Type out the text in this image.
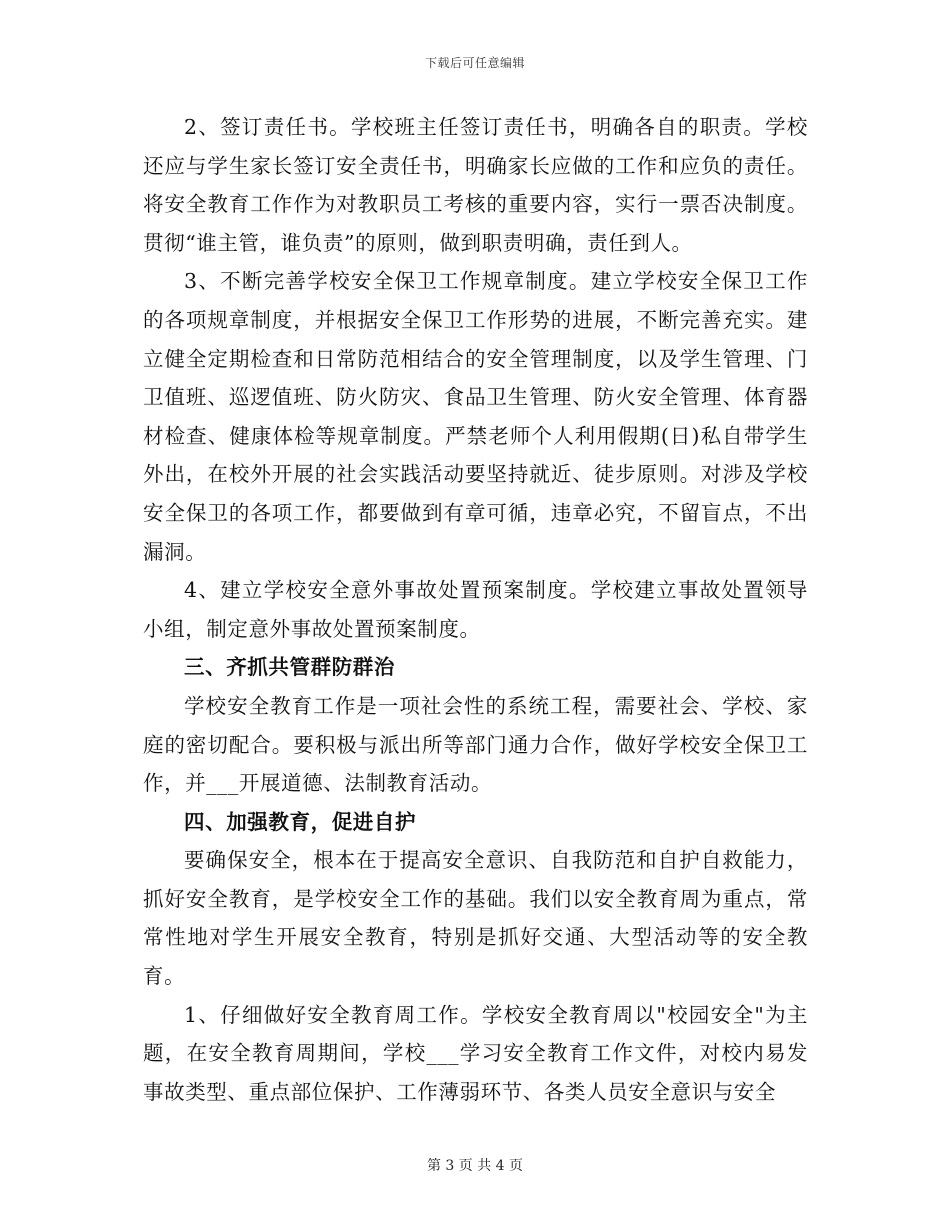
下载后可任意编辑

2、签订责任书。学校班主任签订责任书，明确各自的职责。学校还应与学生家长签订安全责任书，明确家长应做的工作和应负的责任。将安全教育工作作为对教职员工考核的重要内容，实行一票否决制度。贯彻“谁主管，谁负责”的原则，做到职责明确，责任到人。

3、不断完善学校安全保卫工作规章制度。建立学校安全保卫工作的各项规章制度，并根据安全保卫工作形势的进展，不断完善充实。建立健全定期检查和日常防范相结合的安全管理制度，以及学生管理、门卫值班、巡逻值班、防火防灾、食品卫生管理、防火安全管理、体育器材检查、健康体检等规章制度。严禁老师个人利用假期(日)私自带学生外出，在校外开展的社会实践活动要坚持就近、徒步原则。对涉及学校安全保卫的各项工作，都要做到有章可循，违章必究，不留盲点，不出漏洞。

4、建立学校安全意外事故处置预案制度。学校建立事故处置领导小组，制定意外事故处置预案制度。

三、齐抓共管群防群治

学校安全教育工作是一项社会性的系统工程，需要社会、学校、家庭的密切配合。要积极与派出所等部门通力合作，做好学校安全保卫工作，并___开展道德、法制教育活动。

四、加强教育，促进自护

要确保安全，根本在于提高安全意识、自我防范和自护自救能力，抓好安全教育，是学校安全工作的基础。我们以安全教育周为重点，常常性地对学生开展安全教育，特别是抓好交通、大型活动等的安全教育。

1、仔细做好安全教育周工作。学校安全教育周以"校园安全"为主题，在安全教育周期间，学校___学习安全教育工作文件，对校内易发事故类型、重点部位保护、工作薄弱环节、各类人员安全意识与安全

第 3 页 共 4 页
